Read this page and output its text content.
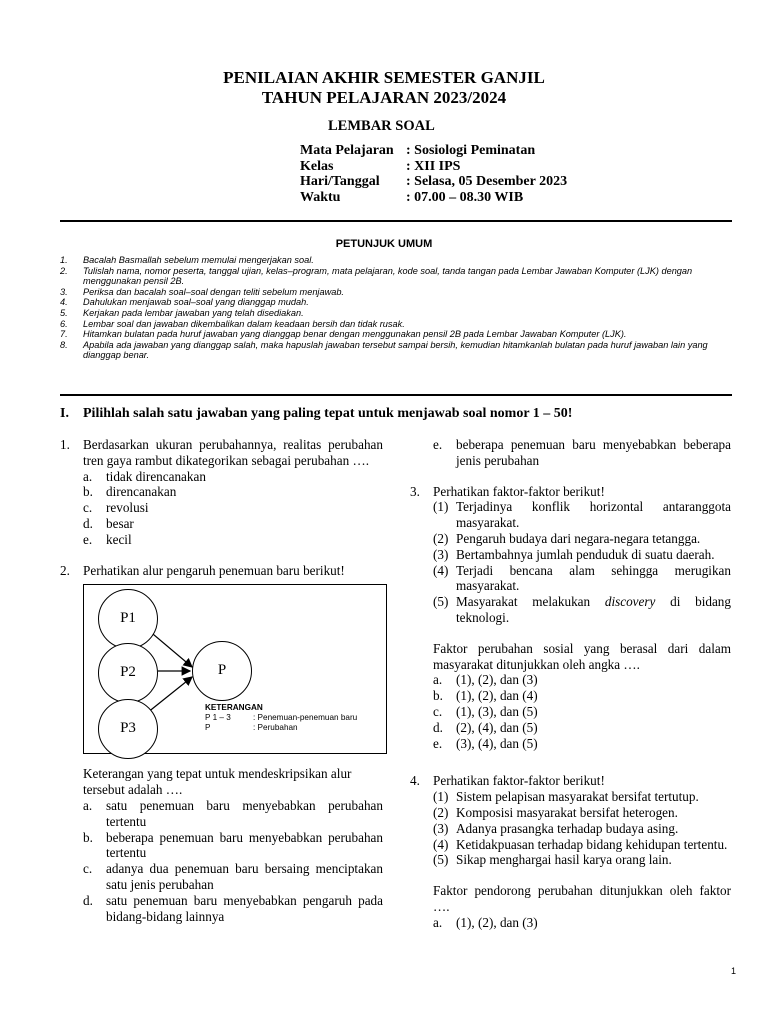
PENILAIAN AKHIR SEMESTER GANJIL
TAHUN PELAJARAN 2023/2024
LEMBAR SOAL
Mata Pelajaran : Sosiologi Peminatan
Kelas	: XII IPS
Hari/Tanggal	: Selasa, 05 Desember 2023
Waktu	: 07.00 – 08.30 WIB
PETUNJUK UMUM
1.	Bacalah Basmallah sebelum memulai mengerjakan soal.
2.	Tulislah nama, nomor peserta, tanggal ujian, kelas–program, mata pelajaran, kode soal, tanda tangan pada Lembar Jawaban Komputer (LJK) dengan menggunakan pensil 2B.
3.	Periksa dan bacalah soal–soal dengan teliti sebelum menjawab.
4.	Dahulukan menjawab soal–soal yang dianggap mudah.
5.	Kerjakan pada lembar jawaban yang telah disediakan.
6.	Lembar soal dan jawaban dikembalikan dalam keadaan bersih dan tidak rusak.
7.	Hitamkan bulatan pada huruf jawaban yang dianggap benar dengan menggunakan pensil 2B pada Lembar Jawaban Komputer (LJK).
8.	Apabila ada jawaban yang dianggap salah, maka hapuslah jawaban tersebut sampai bersih, kemudian hitamkanlah bulatan pada huruf jawaban lain yang dianggap benar.
I. Pilihlah salah satu jawaban yang paling tepat untuk menjawab soal nomor 1 – 50!
1. Berdasarkan ukuran perubahannya, realitas perubahan tren gaya rambut dikategorikan sebagai perubahan ….
a.	tidak direncanakan
b. direncanakan
c.	revolusi
d. besar
e.	kecil
2. Perhatikan alur pengaruh penemuan baru berikut!
P1
P2
P3
P
KETERANGAN
P 1 – 3	: Penemuan-penemuan baru
P	: Perubahan
Keterangan yang tepat untuk mendeskripsikan alur tersebut adalah ….
a.	satu penemuan baru menyebabkan perubahan tertentu
b. beberapa penemuan baru menyebabkan perubahan tertentu
c.	adanya dua penemuan baru bersaing menciptakan satu jenis perubahan
d. satu penemuan baru menyebabkan pengaruh pada bidang-bidang lainnya
e.	beberapa penemuan baru menyebabkan beberapa jenis perubahan
3. Perhatikan faktor-faktor berikut!
(1) Terjadinya konflik horizontal antaranggota masyarakat.
(2) Pengaruh budaya dari negara-negara tetangga.
(3) Bertambahnya jumlah penduduk di suatu daerah.
(4) Terjadi bencana alam sehingga merugikan masyarakat.
(5) Masyarakat melakukan discovery di bidang teknologi.
Faktor perubahan sosial yang berasal dari dalam masyarakat ditunjukkan oleh angka ….
a.	(1), (2), dan (3)
b. (1), (2), dan (4)
c.	(1), (3), dan (5)
d. (2), (4), dan (5)
e.	(3), (4), dan (5)
4. Perhatikan faktor-faktor berikut!
(1) Sistem pelapisan masyarakat bersifat tertutup.
(2) Komposisi masyarakat bersifat heterogen.
(3) Adanya prasangka terhadap budaya asing.
(4) Ketidakpuasan terhadap bidang kehidupan tertentu.
(5) Sikap menghargai hasil karya orang lain.
Faktor pendorong perubahan ditunjukkan oleh faktor ….
a.	(1), (2), dan (3)
1
